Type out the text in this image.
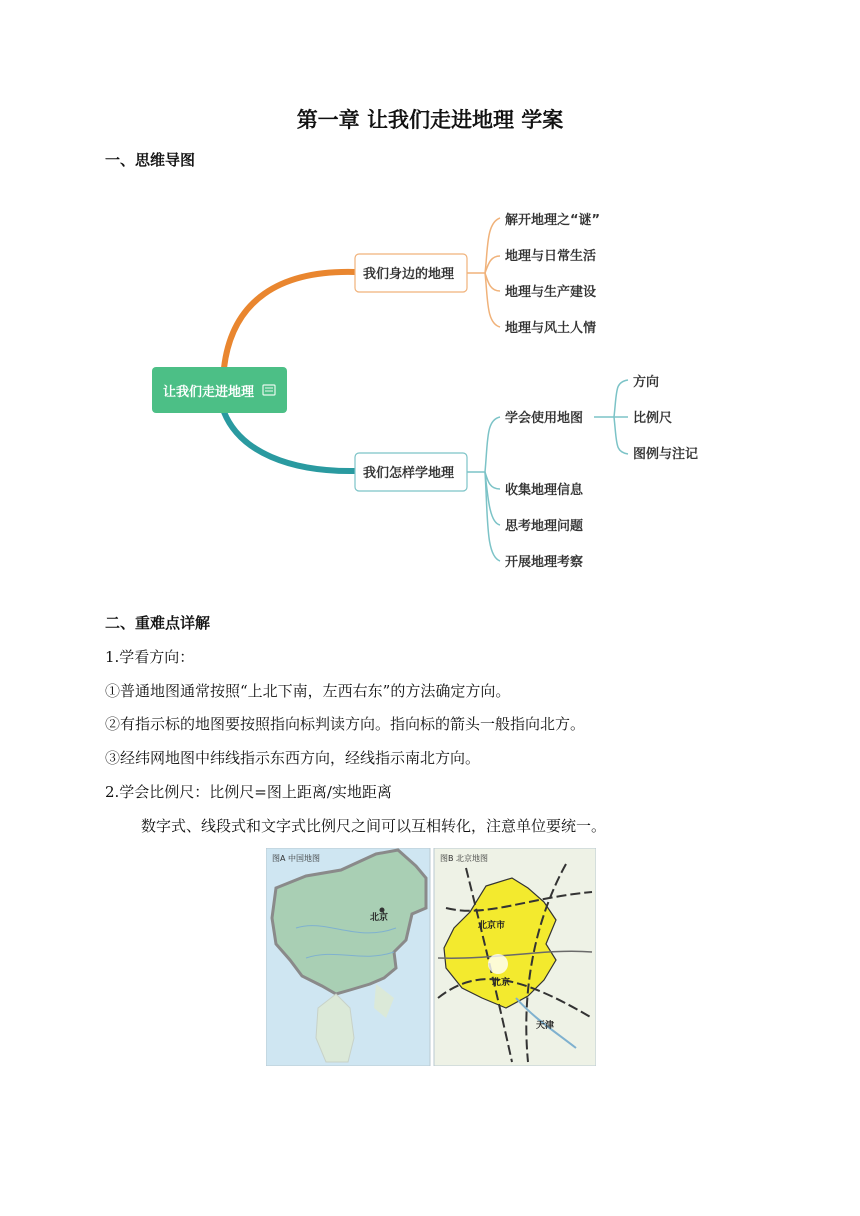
第一章 让我们走进地理 学案
一、思维导图
让我们走进地理
我们身边的地理
解开地理之“谜”
地理与日常生活
地理与生产建设
地理与风土人情
我们怎样学地理
学会使用地图
收集地理信息
思考地理问题
开展地理考察
方向
比例尺
图例与注记
二、重难点详解
1.学看方向：
①普通地图通常按照“上北下南，左西右东”的方法确定方向。
②有指示标的地图要按照指向标判读方向。指向标的箭头一般指向北方。
③经纬网地图中纬线指示东西方向，经线指示南北方向。
2.学会比例尺：比例尺=图上距离/实地距离
数字式、线段式和文字式比例尺之间可以互相转化，注意单位要统一。
图A 中国地图
北京
图B 北京地图
北京市
北京
天津
